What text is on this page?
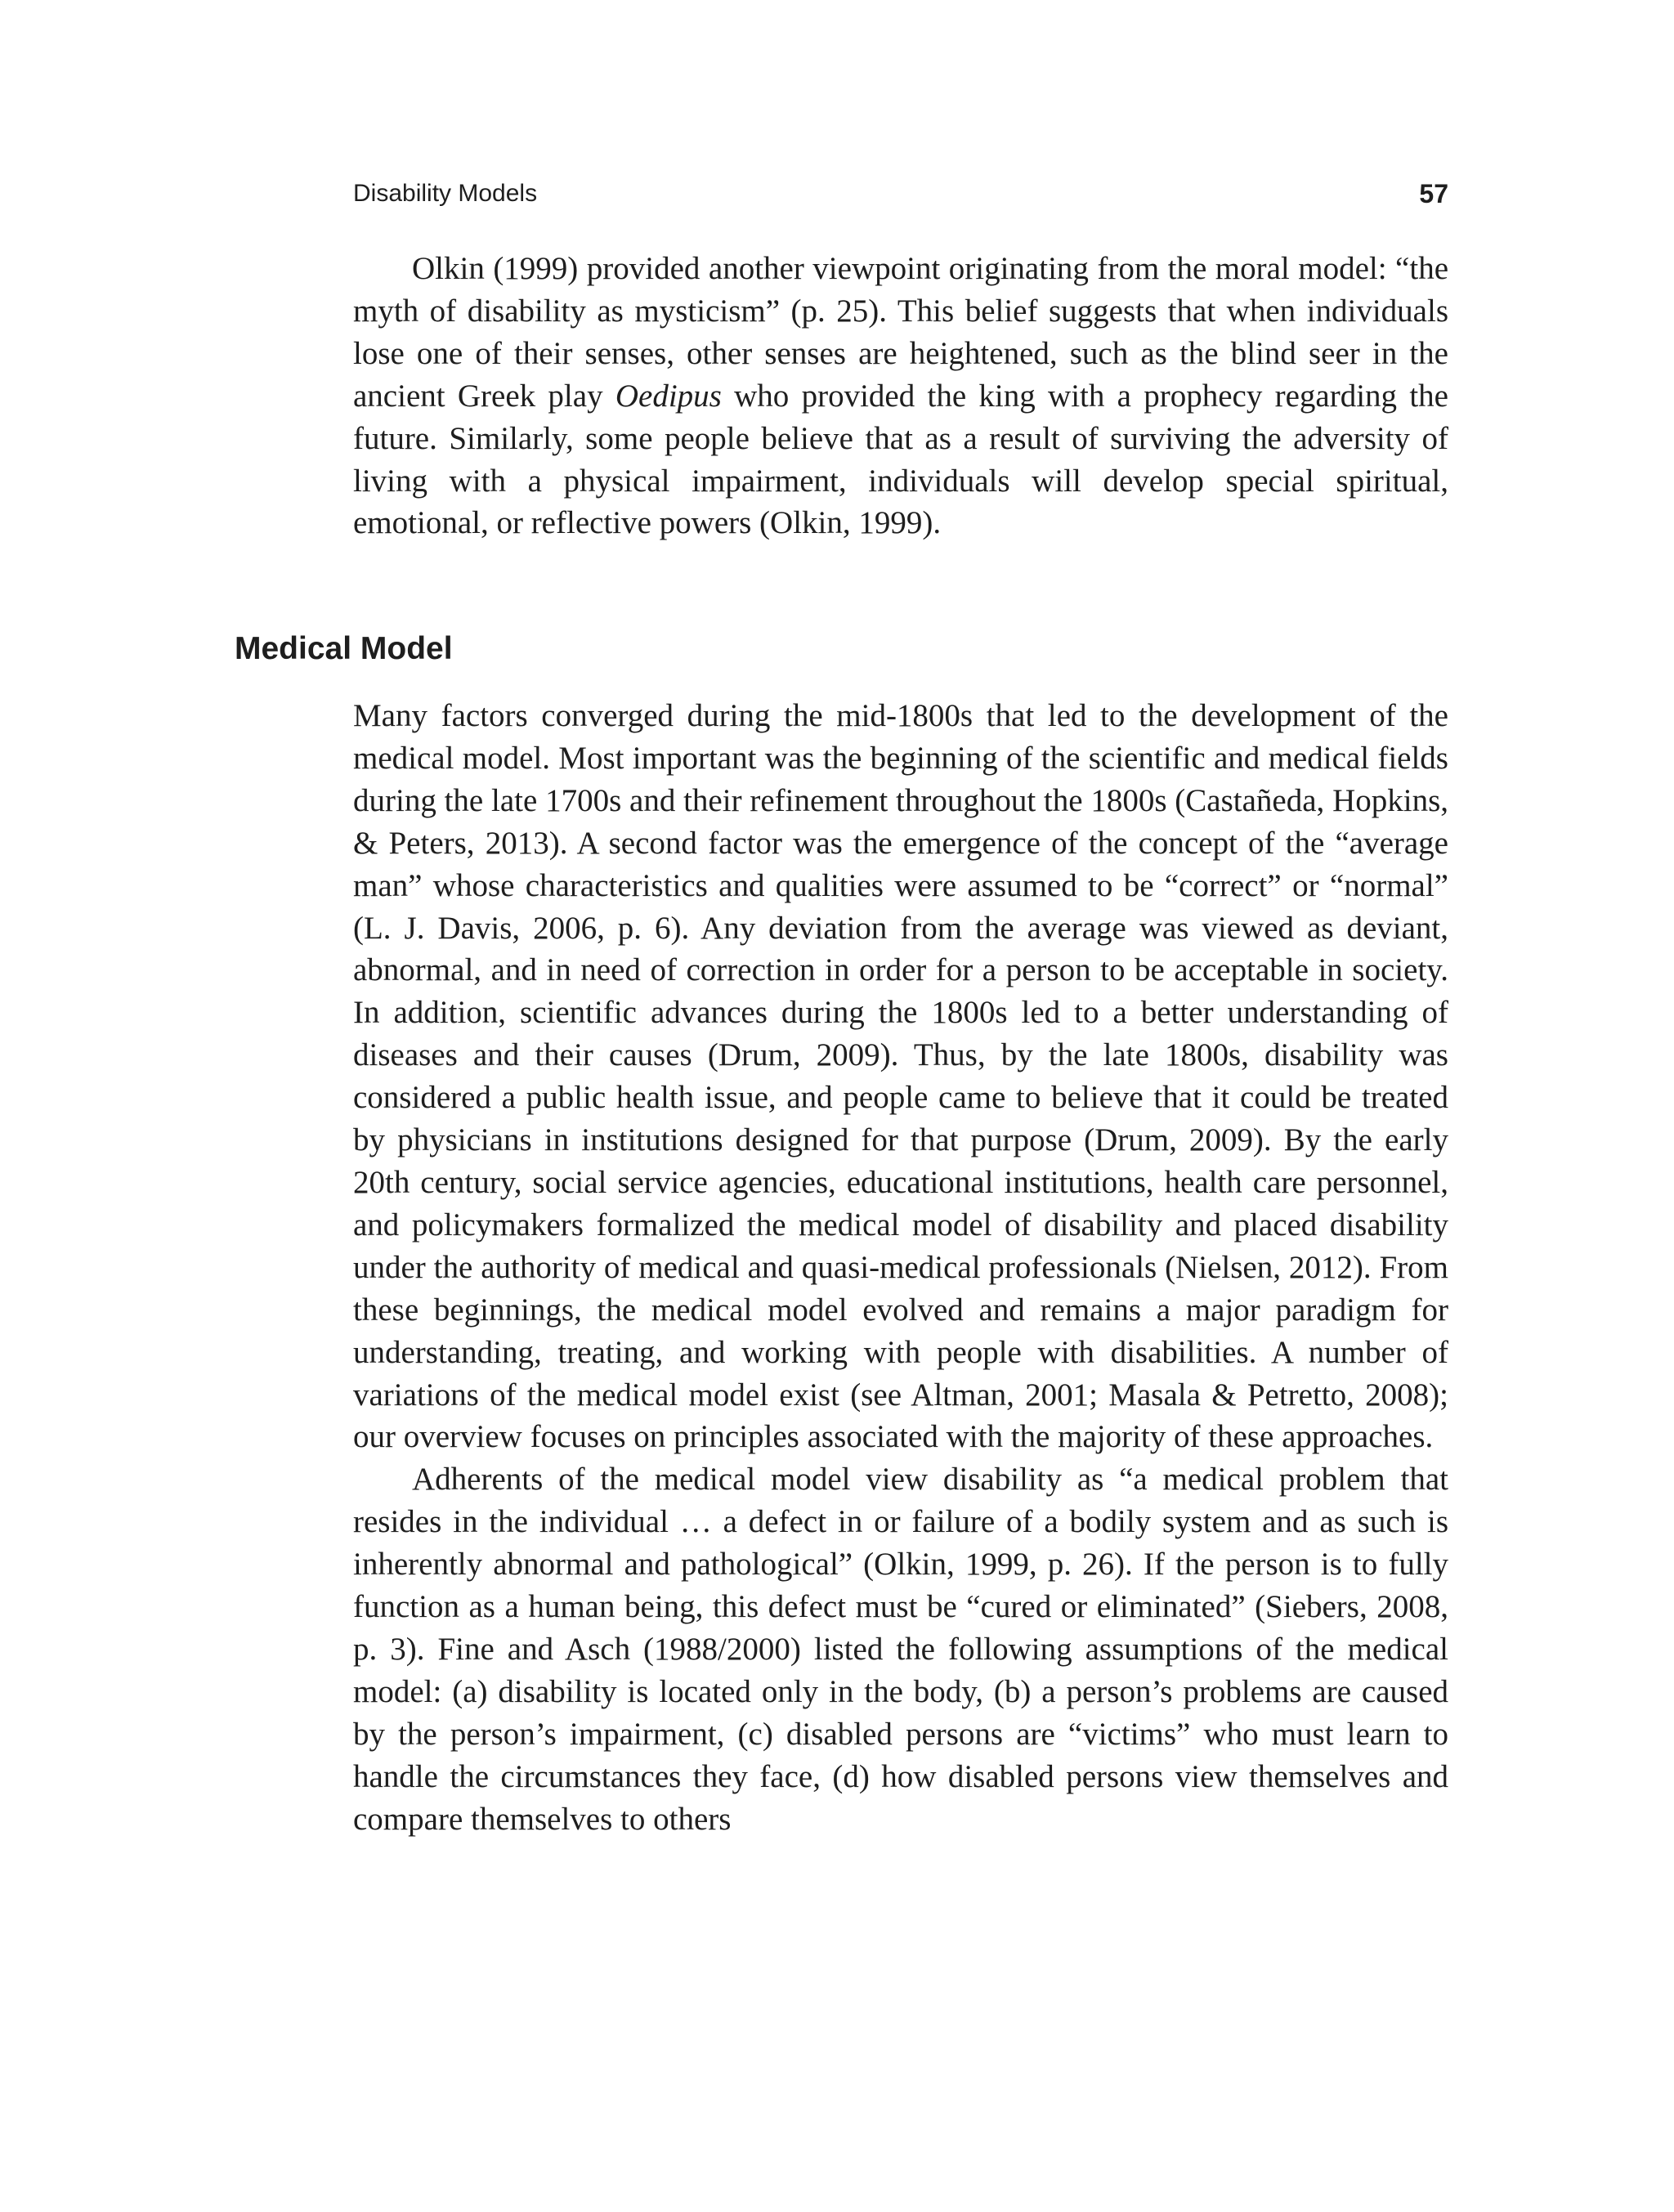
Disability Models	57

Olkin (1999) provided another viewpoint originating from the moral model: “the myth of disability as mysticism” (p. 25). This belief suggests that when individuals lose one of their senses, other senses are heightened, such as the blind seer in the ancient Greek play Oedipus who provided the king with a prophecy regarding the future. Similarly, some people believe that as a result of surviving the adversity of living with a physical impairment, individuals will develop special spiritual, emotional, or reflective powers (Olkin, 1999).

Medical Model

Many factors converged during the mid-1800s that led to the development of the medical model. Most important was the beginning of the scientific and medical fields during the late 1700s and their refinement throughout the 1800s (Castañeda, Hopkins, & Peters, 2013). A second factor was the emergence of the concept of the “average man” whose characteristics and qualities were assumed to be “correct” or “normal” (L. J. Davis, 2006, p. 6). Any deviation from the average was viewed as deviant, abnormal, and in need of correction in order for a person to be acceptable in society. In addition, scientific advances during the 1800s led to a better understanding of diseases and their causes (Drum, 2009). Thus, by the late 1800s, disability was considered a public health issue, and people came to believe that it could be treated by physicians in institutions designed for that purpose (Drum, 2009). By the early 20th century, social service agencies, educational institutions, health care personnel, and policymakers formalized the medical model of disability and placed disability under the authority of medical and quasi-medical professionals (Nielsen, 2012). From these beginnings, the medical model evolved and remains a major paradigm for understanding, treating, and working with people with disabilities. A number of variations of the medical model exist (see Altman, 2001; Masala & Petretto, 2008); our overview focuses on principles associated with the majority of these approaches.

Adherents of the medical model view disability as “a medical problem that resides in the individual … a defect in or failure of a bodily system and as such is inherently abnormal and pathological” (Olkin, 1999, p. 26). If the person is to fully function as a human being, this defect must be “cured or eliminated” (Siebers, 2008, p. 3). Fine and Asch (1988/2000) listed the following assumptions of the medical model: (a) disability is located only in the body, (b) a person’s problems are caused by the person’s impairment, (c) disabled persons are “victims” who must learn to handle the circumstances they face, (d) how disabled persons view themselves and compare themselves to others
